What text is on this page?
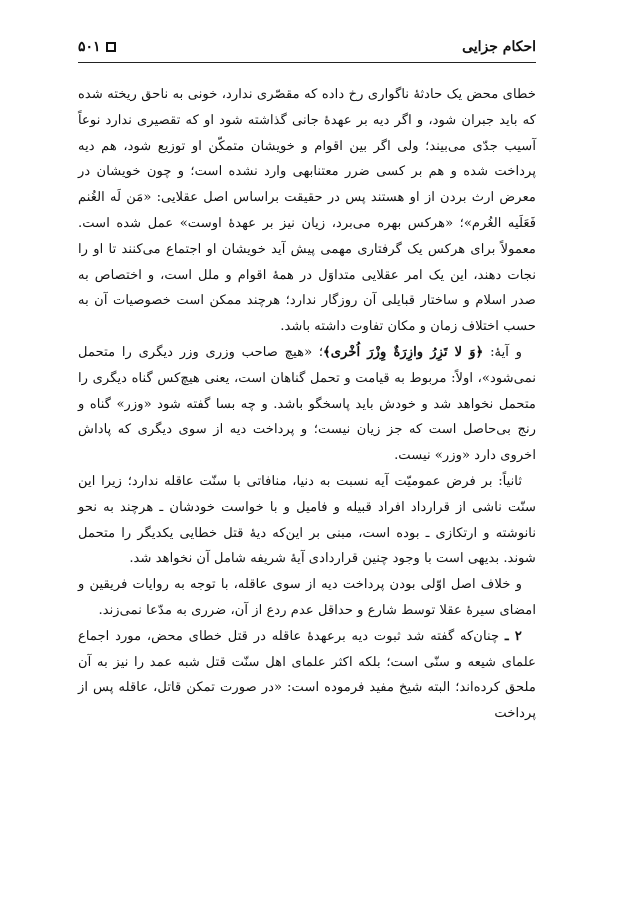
احکام جزایی
۵۰۱

خطای محض یک حادثهٔ ناگواری رخ داده که مقصّری ندارد، خونی به ناحق ریخته شده که باید جبران شود، و اگر دیه بر عهدهٔ جانی گذاشته شود او که تقصیری ندارد نوعاً آسیب جدّی می‌بیند؛ ولی اگر بین اقوام و خویشان متمکّن او توزیع شود، هم دیه پرداخت شده و هم بر کسی ضرر معتنابهی وارد نشده است؛ و چون خویشان در معرض ارث بردن از او هستند پس در حقیقت براساس اصل عقلایی: «مَن لَه الغُنم فَعَلَیه الغُرم»؛ «هرکس بهره می‌برد، زیان نیز بر عهدهٔ اوست» عمل شده است. معمولاً برای هرکس یک گرفتاری مهمی پیش آید خویشان او اجتماع می‌کنند تا او را نجات دهند، این یک امر عقلایی متداوَل در همهٔ اقوام و ملل است، و اختصاص به صدر اسلام و ساختار قبایلی آن روزگار ندارد؛ هرچند ممکن است خصوصیات آن به حسب اختلاف زمان و مکان تفاوت داشته باشد.

و آیهٔ: ﴿وَ لا تَزِرُ وازِرَةٌ وِزْرَ اُخْری﴾؛ «هیچ صاحب وزری وزر دیگری را متحمل نمی‌شود»، اولاً: مربوط به قیامت و تحمل گناهان است، یعنی هیچ‌کس گناه دیگری را متحمل نخواهد شد و خودش باید پاسخگو باشد. و چه بسا گفته شود «وزر» گناه و رنج بی‌حاصل است که جز زیان نیست؛ و پرداخت دیه از سوی دیگری که پاداش اخروی دارد «وزر» نیست.

ثانیاً: بر فرض عمومیّت آیه نسبت به دنیا، منافاتی با سنّت عاقله ندارد؛ زیرا این سنّت ناشی از قرارداد افراد قبیله و فامیل و با خواست خودشان ـ هرچند به نحو نانوشته و ارتکازی ـ بوده است، مبنی بر این‌که دیهٔ قتل خطایی یکدیگر را متحمل شوند. بدیهی است با وجود چنین قراردادی آیهٔ شریفه شامل آن نخواهد شد.

و خلاف اصل اوّلی بودن پرداخت دیه از سوی عاقله، با توجه به روایات فریقین و امضای سیرهٔ عقلا توسط شارع و حداقل عدم ردع از آن، ضرری به مدّعا نمی‌زند.

۲ ـ چنان‌که گفته شد ثبوت دیه برعهدهٔ عاقله در قتل خطای محض، مورد اجماع علمای شیعه و سنّی است؛ بلکه اکثر علمای اهل سنّت قتل شبه عمد را نیز به آن ملحق کرده‌اند؛ البته شیخ مفید فرموده است: «در صورت تمکن قاتل، عاقله پس از پرداخت
